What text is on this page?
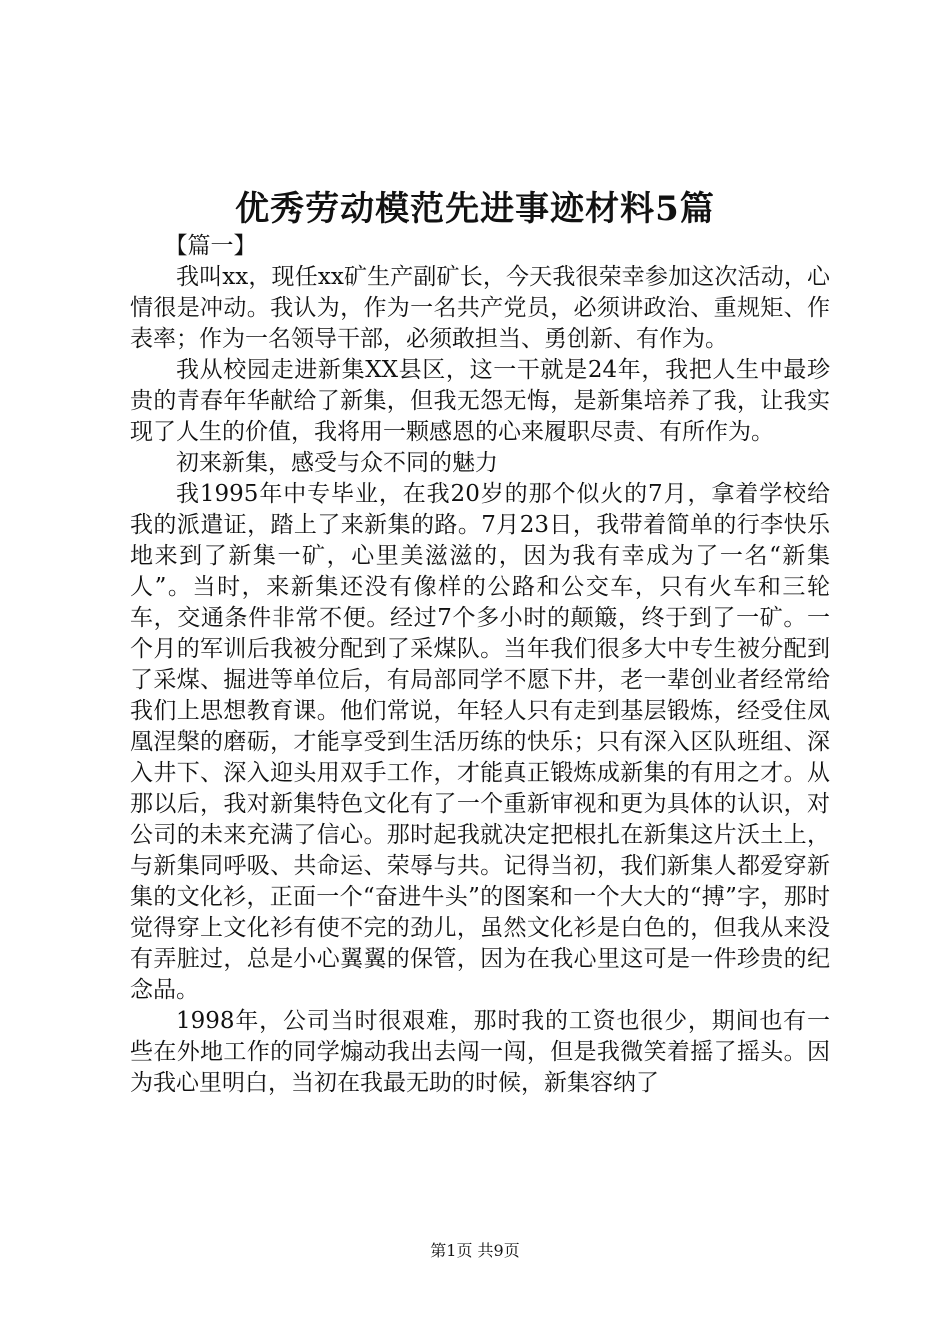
优秀劳动模范先进事迹材料5篇

【篇一】

我叫xx，现任xx矿生产副矿长，今天我很荣幸参加这次活动，心情很是冲动。我认为，作为一名共产党员，必须讲政治、重规矩、作表率；作为一名领导干部，必须敢担当、勇创新、有作为。

我从校园走进新集XX县区，这一干就是24年，我把人生中最珍贵的青春年华献给了新集，但我无怨无悔，是新集培养了我，让我实现了人生的价值，我将用一颗感恩的心来履职尽责、有所作为。

初来新集，感受与众不同的魅力

我1995年中专毕业，在我20岁的那个似火的7月，拿着学校给我的派遣证，踏上了来新集的路。7月23日，我带着简单的行李快乐地来到了新集一矿，心里美滋滋的，因为我有幸成为了一名“新集人”。当时，来新集还没有像样的公路和公交车，只有火车和三轮车，交通条件非常不便。经过7个多小时的颠簸，终于到了一矿。一个月的军训后我被分配到了采煤队。当年我们很多大中专生被分配到了采煤、掘进等单位后，有局部同学不愿下井，老一辈创业者经常给我们上思想教育课。他们常说，年轻人只有走到基层锻炼，经受住凤凰涅槃的磨砺，才能享受到生活历练的快乐；只有深入区队班组、深入井下、深入迎头用双手工作，才能真正锻炼成新集的有用之才。从那以后，我对新集特色文化有了一个重新审视和更为具体的认识，对公司的未来充满了信心。那时起我就决定把根扎在新集这片沃土上，与新集同呼吸、共命运、荣辱与共。记得当初，我们新集人都爱穿新集的文化衫，正面一个“奋进牛头”的图案和一个大大的“搏”字，那时觉得穿上文化衫有使不完的劲儿，虽然文化衫是白色的，但我从来没有弄脏过，总是小心翼翼的保管，因为在我心里这可是一件珍贵的纪念品。

1998年，公司当时很艰难，那时我的工资也很少，期间也有一些在外地工作的同学煽动我出去闯一闯，但是我微笑着摇了摇头。因为我心里明白，当初在我最无助的时候，新集容纳了

第1页 共9页
